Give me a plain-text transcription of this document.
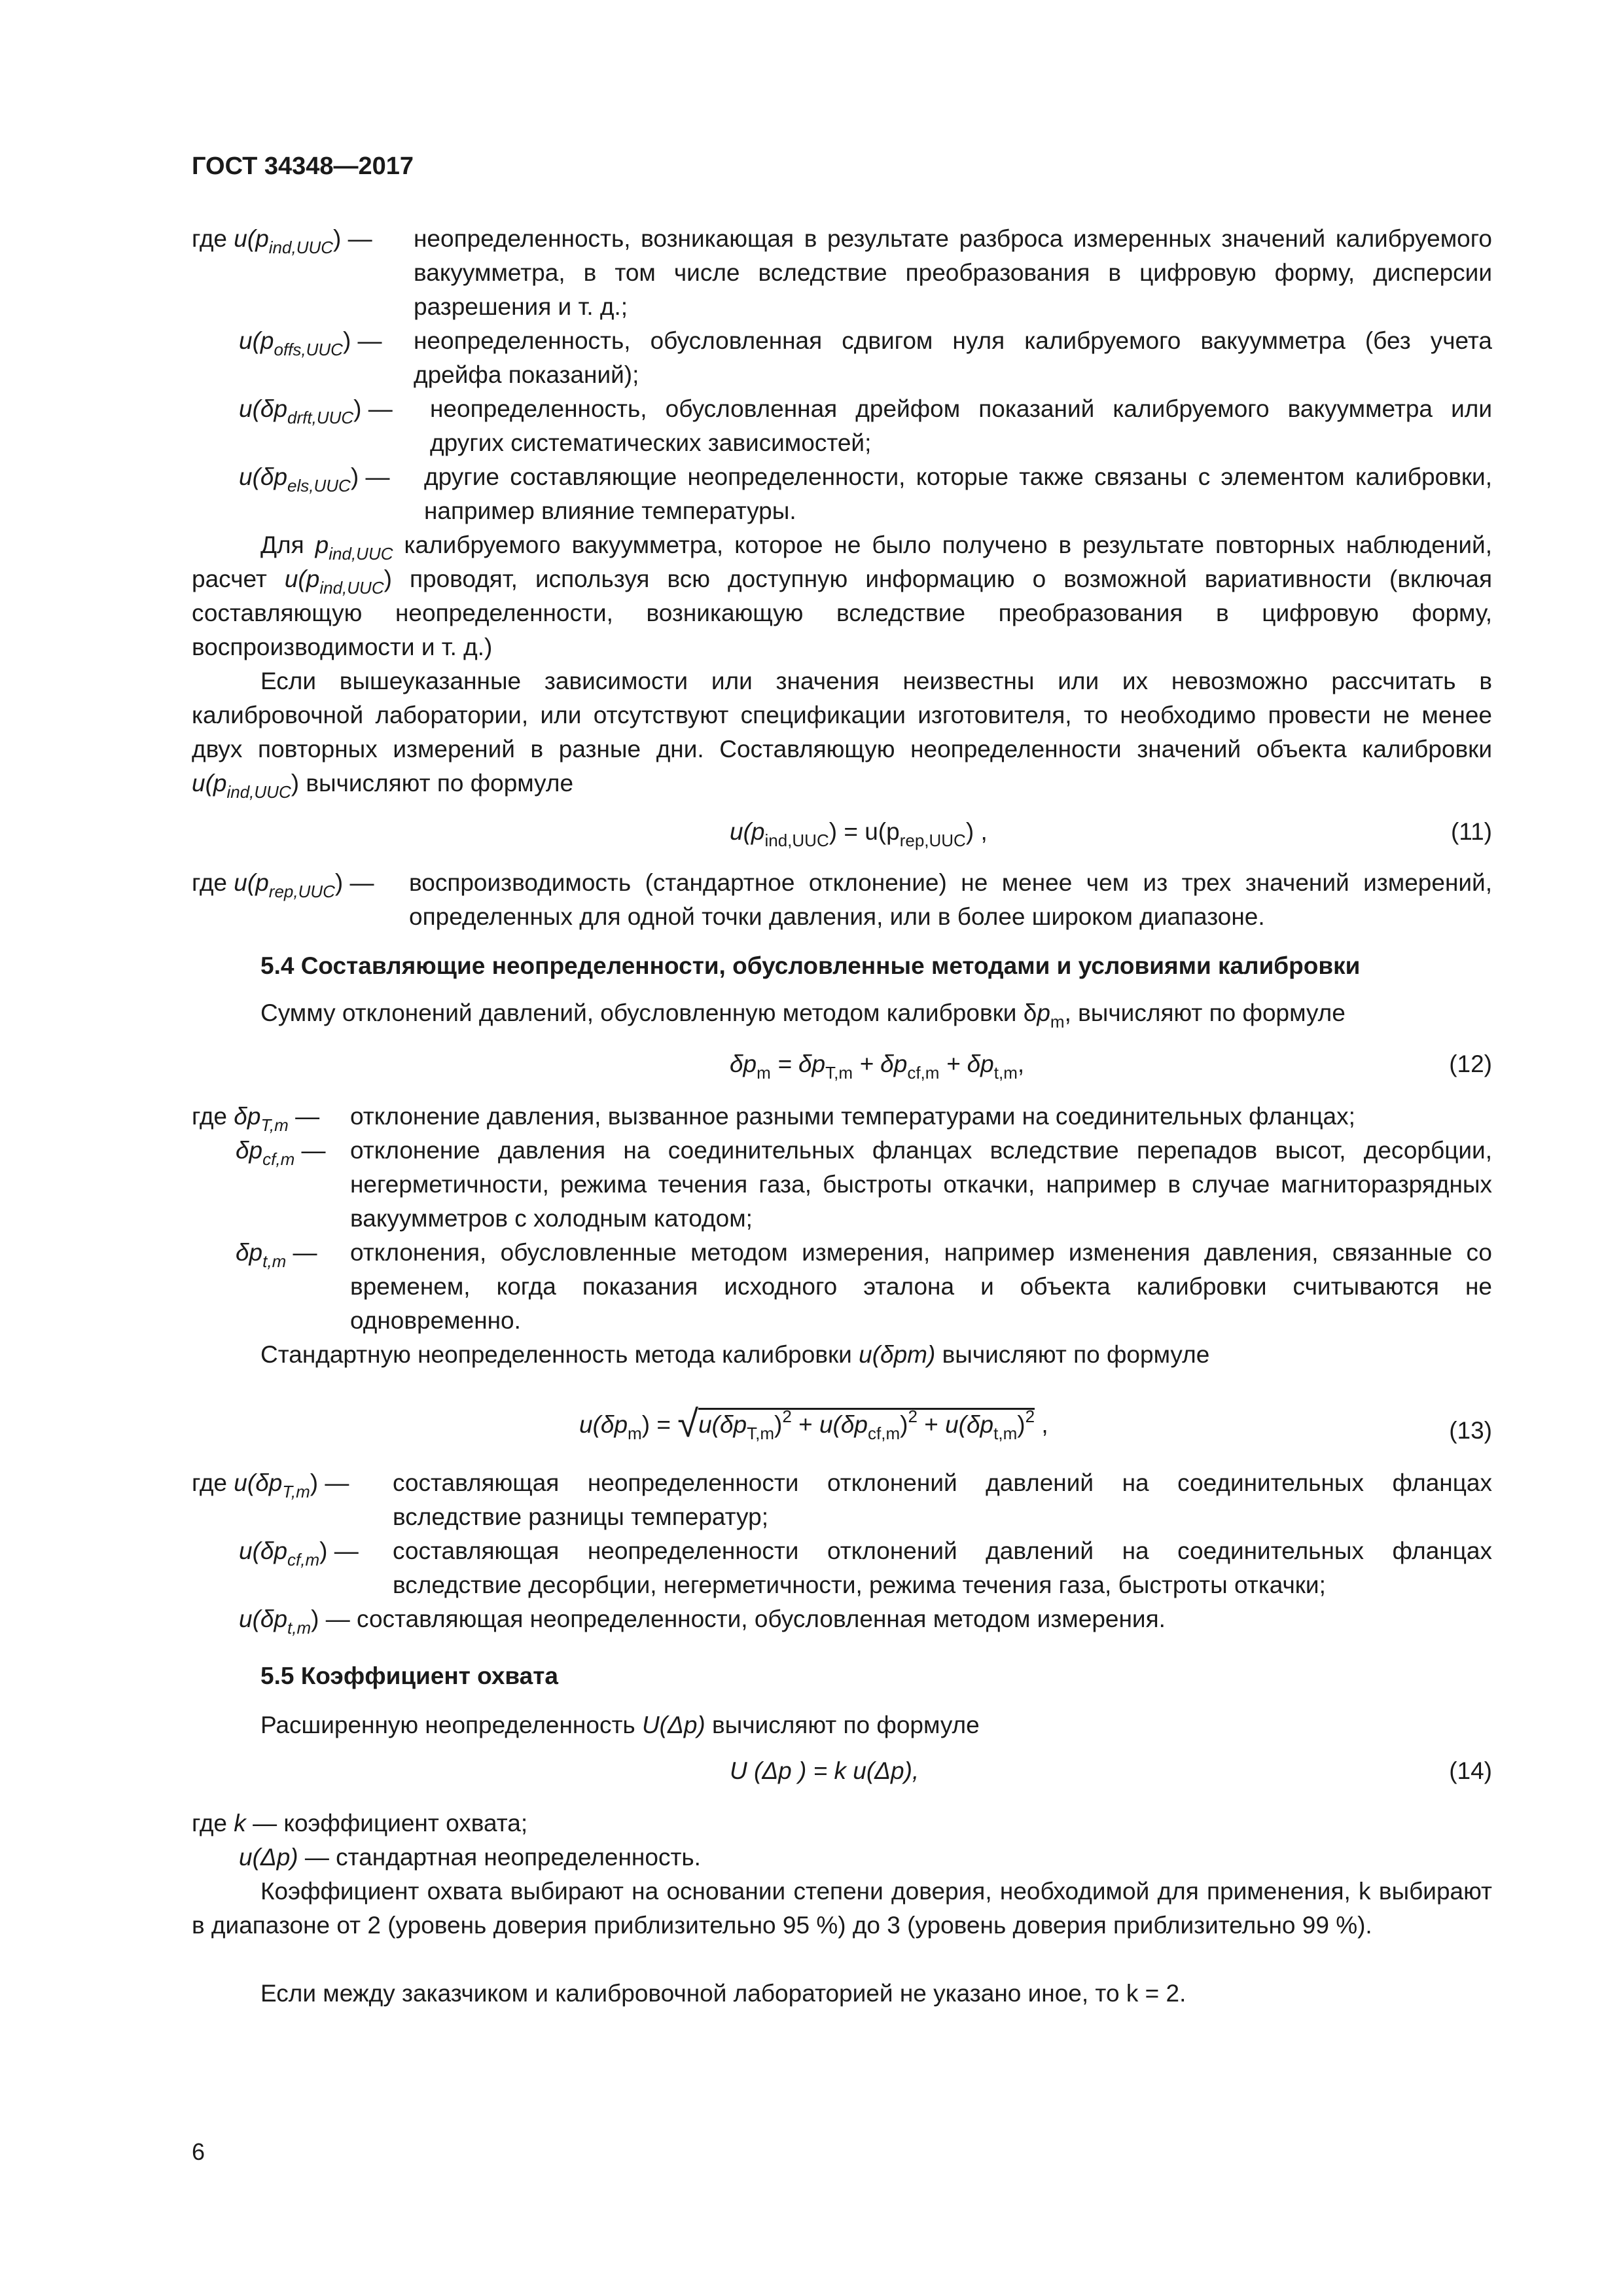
ГОСТ 34348—2017
где $u(p_{ind,UUC})$ — неопределенность, возникающая в результате разброса измеренных значений калибруемого вакуумметра, в том числе вследствие преобразования в цифровую форму, дисперсии разрешения и т. д.;
$u(p_{offs,UUC})$ — неопределенность, обусловленная сдвигом нуля калибруемого вакуумметра (без учета дрейфа показаний);
$u(\delta p_{drft,UUC})$ — неопределенность, обусловленная дрейфом показаний калибруемого вакуумметра или других систематических зависимостей;
$u(\delta p_{els,UUC})$ — другие составляющие неопределенности, которые также связаны с элементом калибровки, например влияние температуры.
Для $p_{ind,UUC}$ калибруемого вакуумметра, которое не было получено в результате повторных наблюдений, расчет $u(p_{ind,UUC})$ проводят, используя всю доступную информацию о возможной вариативности (включая составляющую неопределенности, возникающую вследствие преобразования в цифровую форму, воспроизводимости и т. д.)
Если вышеуказанные зависимости или значения неизвестны или их невозможно рассчитать в калибровочной лаборатории, или отсутствуют спецификации изготовителя, то необходимо провести не менее двух повторных измерений в разные дни. Составляющую неопределенности значений объекта калибровки $u(p_{ind,UUC})$ вычисляют по формуле
$u(p_{ind,UUC}) = u(p_{rep,UUC})$ ,	(11)
где $u(p_{rep,UUC})$ — воспроизводимость (стандартное отклонение) не менее чем из трех значений измерений, определенных для одной точки давления, или в более широком диапазоне.
5.4 Составляющие неопределенности, обусловленные методами и условиями калибровки
Сумму отклонений давлений, обусловленную методом калибровки $\delta p_m$, вычисляют по формуле
$\delta p_m = \delta p_{T,m} + \delta p_{cf,m} + \delta p_{t,m}$,	(12)
где $\delta p_{T,m}$ — отклонение давления, вызванное разными температурами на соединительных фланцах;
$\delta p_{cf,m}$ — отклонение давления на соединительных фланцах вследствие перепадов высот, десорбции, негерметичности, режима течения газа, быстроты откачки, например в случае магниторазрядных вакуумметров с холодным катодом;
$\delta p_{t,m}$ — отклонения, обусловленные методом измерения, например изменения давления, связанные со временем, когда показания исходного эталона и объекта калибровки считываются не одновременно.
Стандартную неопределенность метода калибровки u(δpm) вычисляют по формуле
$u(\delta p_m) = √u(\delta p_{T,m})^2 + u(\delta p_{cf,m})^2 + u(\delta p_{t,m})^2$ ,	(13)
где $u(\delta p_{T,m})$ — составляющая неопределенности отклонений давлений на соединительных фланцах вследствие разницы температур;
$u(\delta p_{cf,m})$ — составляющая неопределенности отклонений давлений на соединительных фланцах вследствие десорбции, негерметичности, режима течения газа, быстроты откачки;
$u(\delta p_{t,m})$ — составляющая неопределенности, обусловленная методом измерения.
5.5 Коэффициент охвата
Расширенную неопределенность U(Δp) вычисляют по формуле
U (Δp ) = k u(Δp),	(14)
где k — коэффициент охвата;
u(Δp) — стандартная неопределенность.
Коэффициент охвата выбирают на основании степени доверия, необходимой для применения, k выбирают в диапазоне от 2 (уровень доверия приблизительно 95 %) до 3 (уровень доверия приблизительно 99 %).
Если между заказчиком и калибровочной лабораторией не указано иное, то k = 2.
6
